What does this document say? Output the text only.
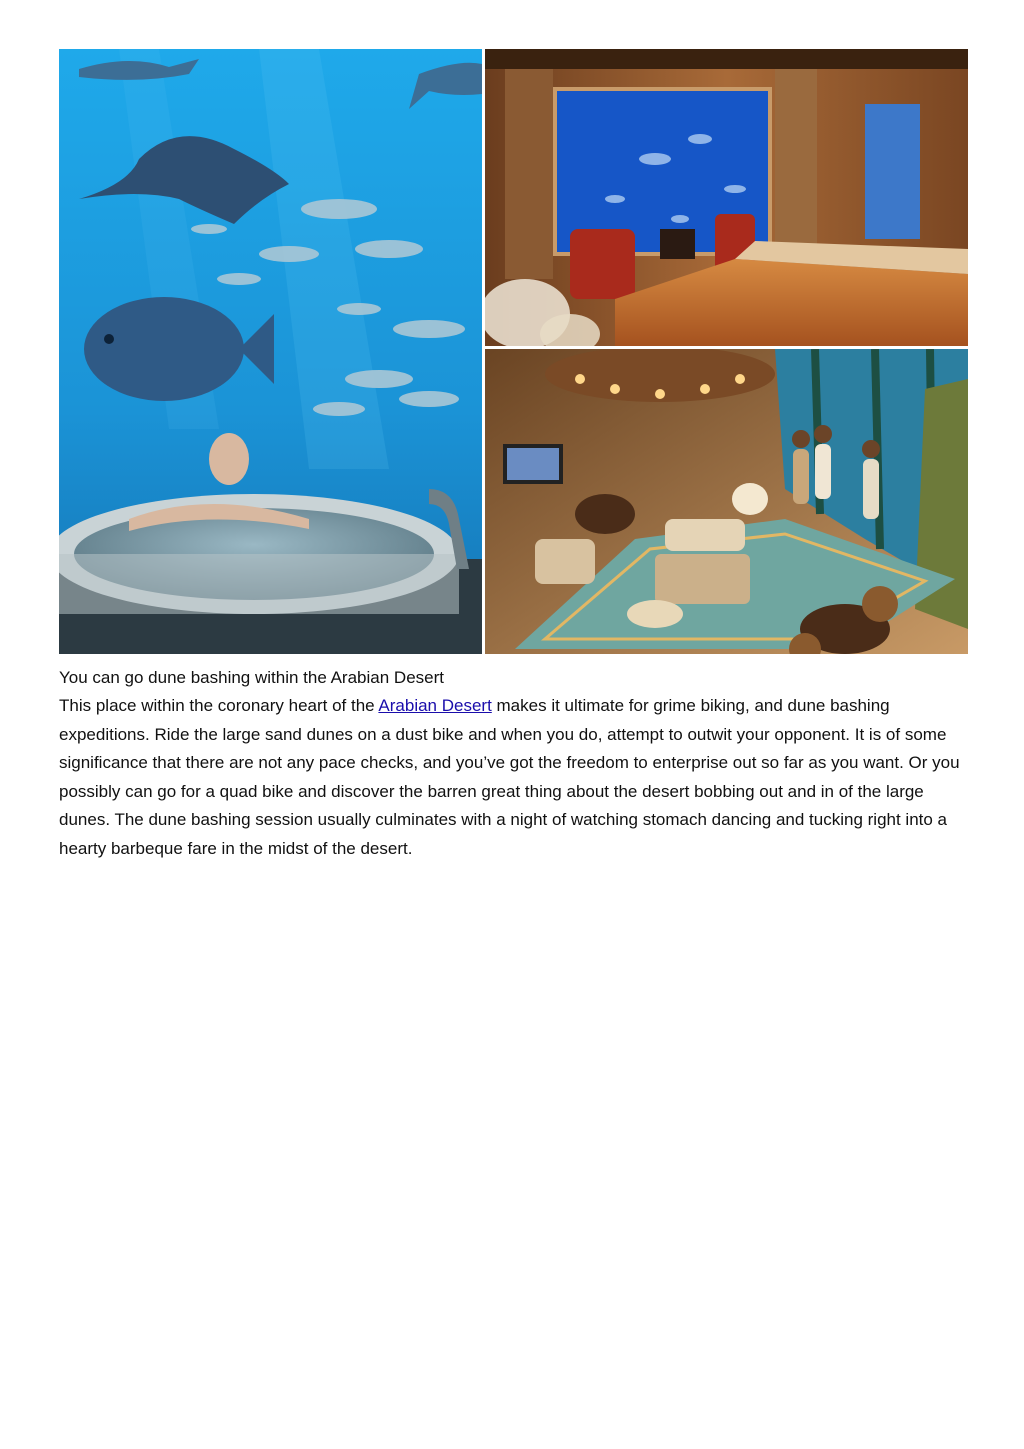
You can go dune bashing within the Arabian Desert

This place within the coronary heart of the Arabian Desert makes it ultimate for grime biking, and dune bashing expeditions. Ride the large sand dunes on a dust bike and when you do, attempt to outwit your opponent. It is of some significance that there are not any pace checks, and you’ve got the freedom to enterprise out so far as you want. Or you possibly can go for a quad bike and discover the barren great thing about the desert bobbing out and in of the large dunes. The dune bashing session usually culminates with a night of watching stomach dancing and tucking right into a hearty barbeque fare in the midst of the desert.
